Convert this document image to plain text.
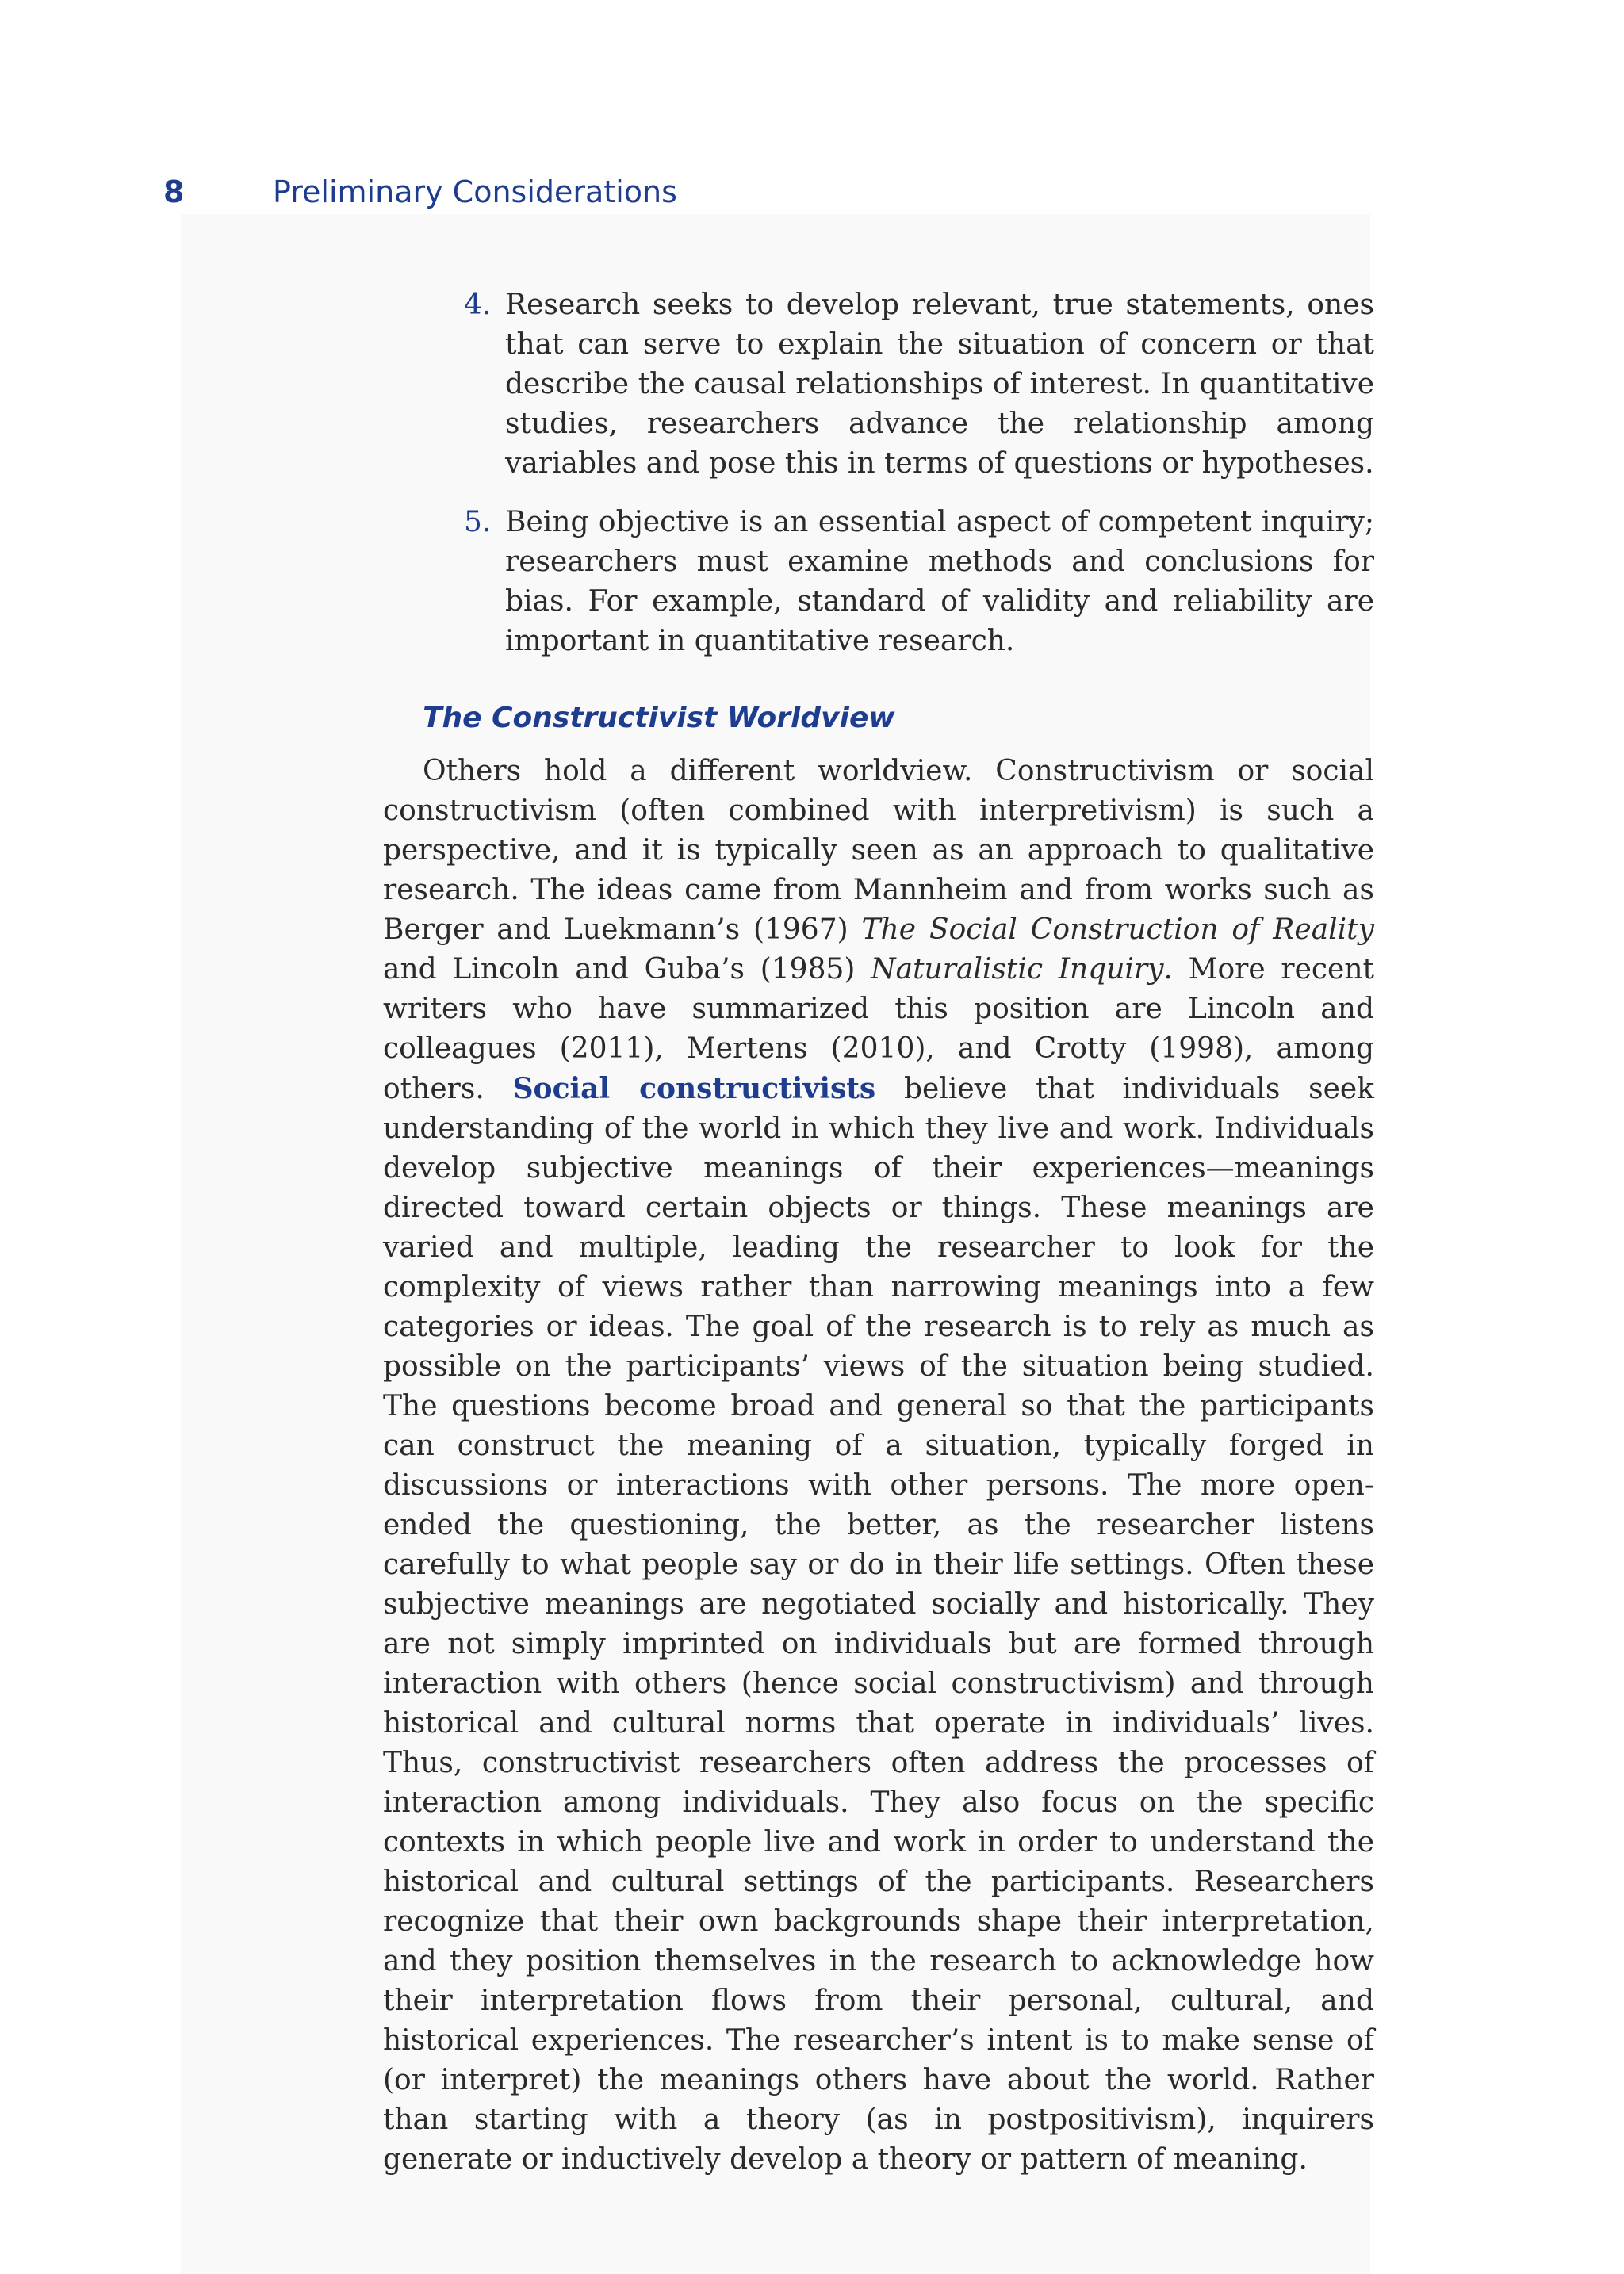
8	Preliminary Considerations
4. Research seeks to develop relevant, true statements, ones that can serve to explain the situation of concern or that describe the causal relationships of interest. In quantitative studies, researchers advance the relationship among variables and pose this in terms of questions or hypotheses.
5. Being objective is an essential aspect of competent inquiry; researchers must examine methods and conclusions for bias. For example, standard of validity and reliability are important in quantitative research.
The Constructivist Worldview

Others hold a different worldview. Constructivism or social constructivism (often combined with interpretivism) is such a perspective, and it is typically seen as an approach to qualitative research. The ideas came from Mannheim and from works such as Berger and Luekmann’s (1967) The Social Construction of Reality and Lincoln and Guba’s (1985) Naturalistic Inquiry. More recent writers who have summarized this position are Lincoln and colleagues (2011), Mertens (2010), and Crotty (1998), among others. Social constructivists believe that individuals seek understanding of the world in which they live and work. Individuals develop subjective meanings of their experiences—meanings directed toward certain objects or things. These meanings are varied and multiple, leading the researcher to look for the complexity of views rather than narrowing meanings into a few categories or ideas. The goal of the research is to rely as much as possible on the participants’ views of the situation being studied. The questions become broad and general so that the participants can construct the meaning of a situation, typically forged in discussions or interactions with other persons. The more open-ended the questioning, the better, as the researcher listens carefully to what people say or do in their life settings. Often these subjective meanings are negotiated socially and historically. They are not simply imprinted on individuals but are formed through interaction with others (hence social constructivism) and through historical and cultural norms that operate in individuals’ lives. Thus, constructivist researchers often address the processes of interaction among individuals. They also focus on the specific contexts in which people live and work in order to understand the historical and cultural settings of the participants. Researchers recognize that their own backgrounds shape their interpretation, and they position themselves in the research to acknowledge how their interpretation flows from their personal, cultural, and historical experiences. The researcher’s intent is to make sense of (or interpret) the meanings others have about the world. Rather than starting with a theory (as in postpositivism), inquirers generate or inductively develop a theory or pattern of meaning.
